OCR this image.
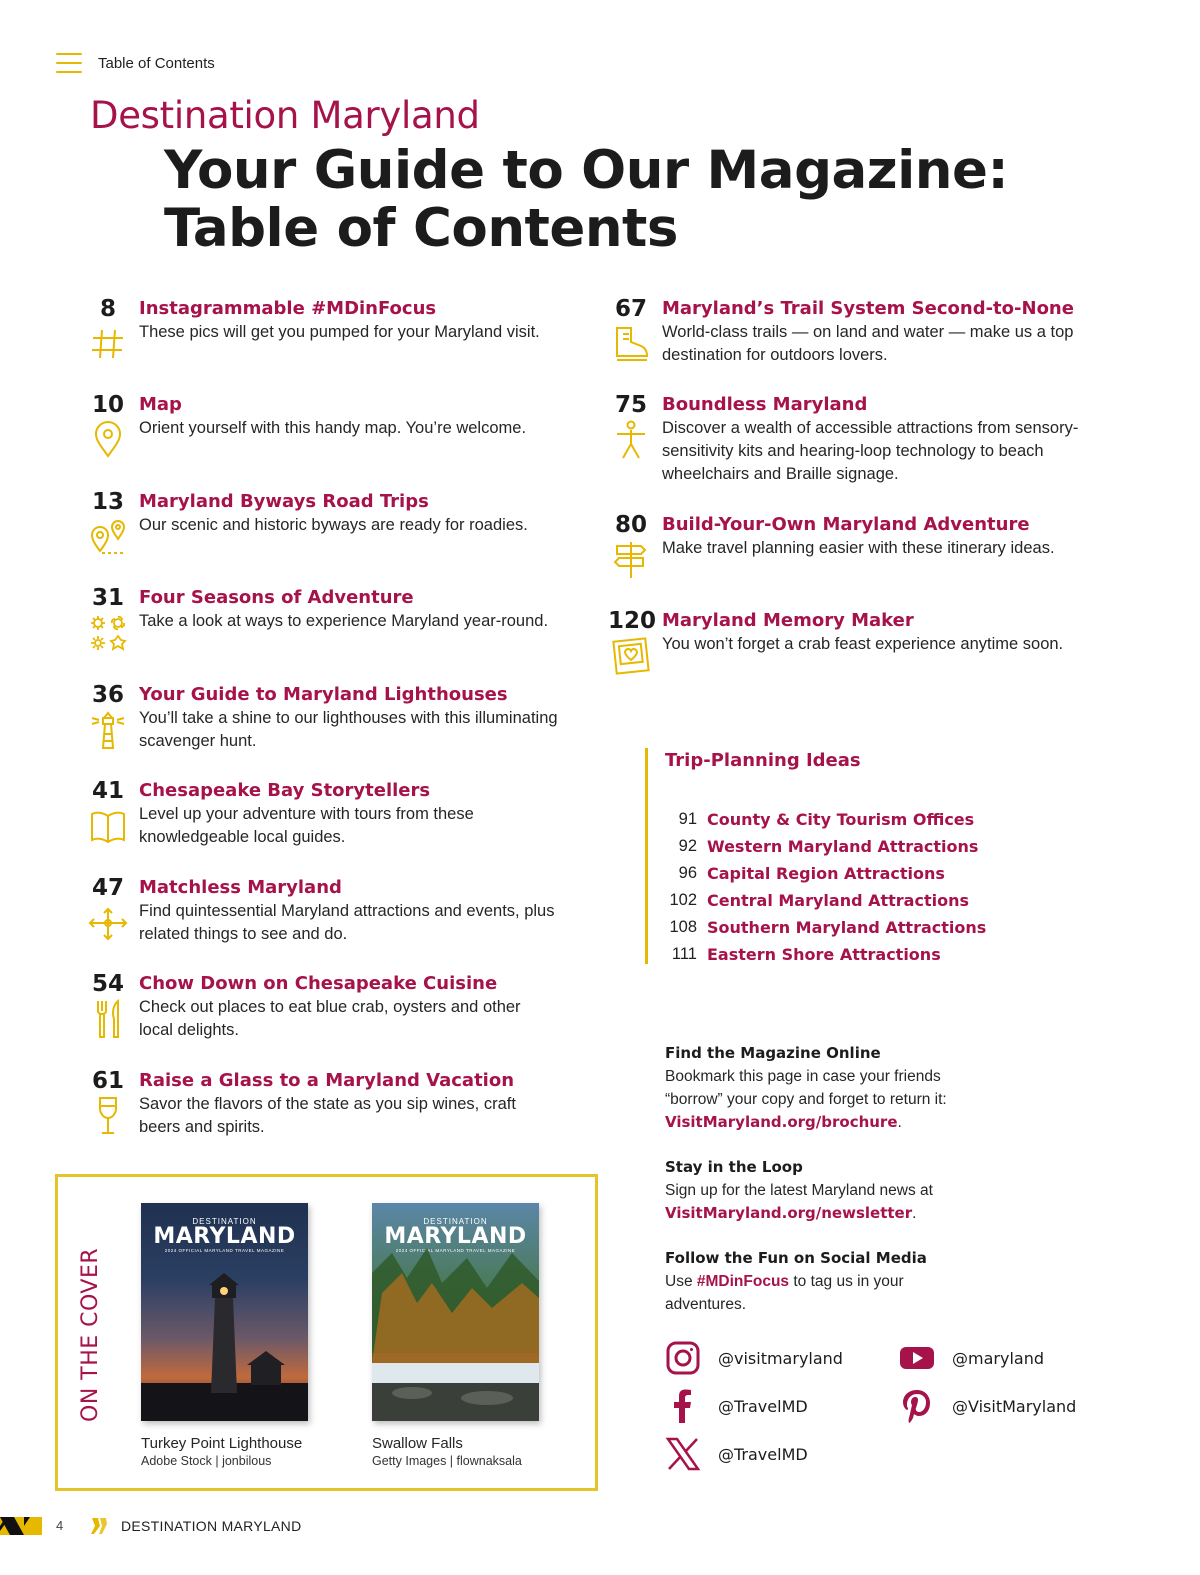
Table of Contents
Destination Maryland
Your Guide to Our Magazine:
Table of Contents
8	Instagrammable #MDinFocus
These pics will get you pumped for your Maryland visit.
10 Map
Orient yourself with this handy map. You’re welcome.
13 Maryland Byways Road Trips
Our scenic and historic byways are ready for roadies.
31 Four Seasons of Adventure
Take a look at ways to experience Maryland year-round.
36 Your Guide to Maryland Lighthouses
You’ll take a shine to our lighthouses with this illuminating scavenger hunt.
41 Chesapeake Bay Storytellers
Level up your adventure with tours from these knowledgeable local guides.
47 Matchless Maryland
Find quintessential Maryland attractions and events, plus related things to see and do.
54 Chow Down on Chesapeake Cuisine
Check out places to eat blue crab, oysters and other local delights.
61 Raise a Glass to a Maryland Vacation
Savor the flavors of the state as you sip wines, craft beers and spirits.
67 Maryland’s Trail System Second-to-None
World-class trails — on land and water — make us a top destination for outdoors lovers.
75 Boundless Maryland
Discover a wealth of accessible attractions from sensory-sensitivity kits and hearing-loop technology to beach wheelchairs and Braille signage.
80 Build-Your-Own Maryland Adventure
Make travel planning easier with these itinerary ideas.
120 Maryland Memory Maker
You won’t forget a crab feast experience anytime soon.
Trip-Planning Ideas
91 County & City Tourism Offices
92 Western Maryland Attractions
96 Capital Region Attractions
102 Central Maryland Attractions
108 Southern Maryland Attractions
111 Eastern Shore Attractions
Find the Magazine Online
Bookmark this page in case your friends “borrow” your copy and forget to return it:
VisitMaryland.org/brochure.
Stay in the Loop
Sign up for the latest Maryland news at
VisitMaryland.org/newsletter.
Follow the Fun on Social Media
Use #MDinFocus to tag us in your adventures.
@visitmaryland	@maryland
@TravelMD	@VisitMaryland
@TravelMD
ON THE COVER
DESTINATION
MARYLAND
2024 OFFICIAL MARYLAND TRAVEL MAGAZINE
DESTINATION
MARYLAND
2024 OFFICIAL MARYLAND TRAVEL MAGAZINE
Turkey Point Lighthouse
Adobe Stock | jonbilous
Swallow Falls
Getty Images | flownaksala
4	DESTINATION MARYLAND
